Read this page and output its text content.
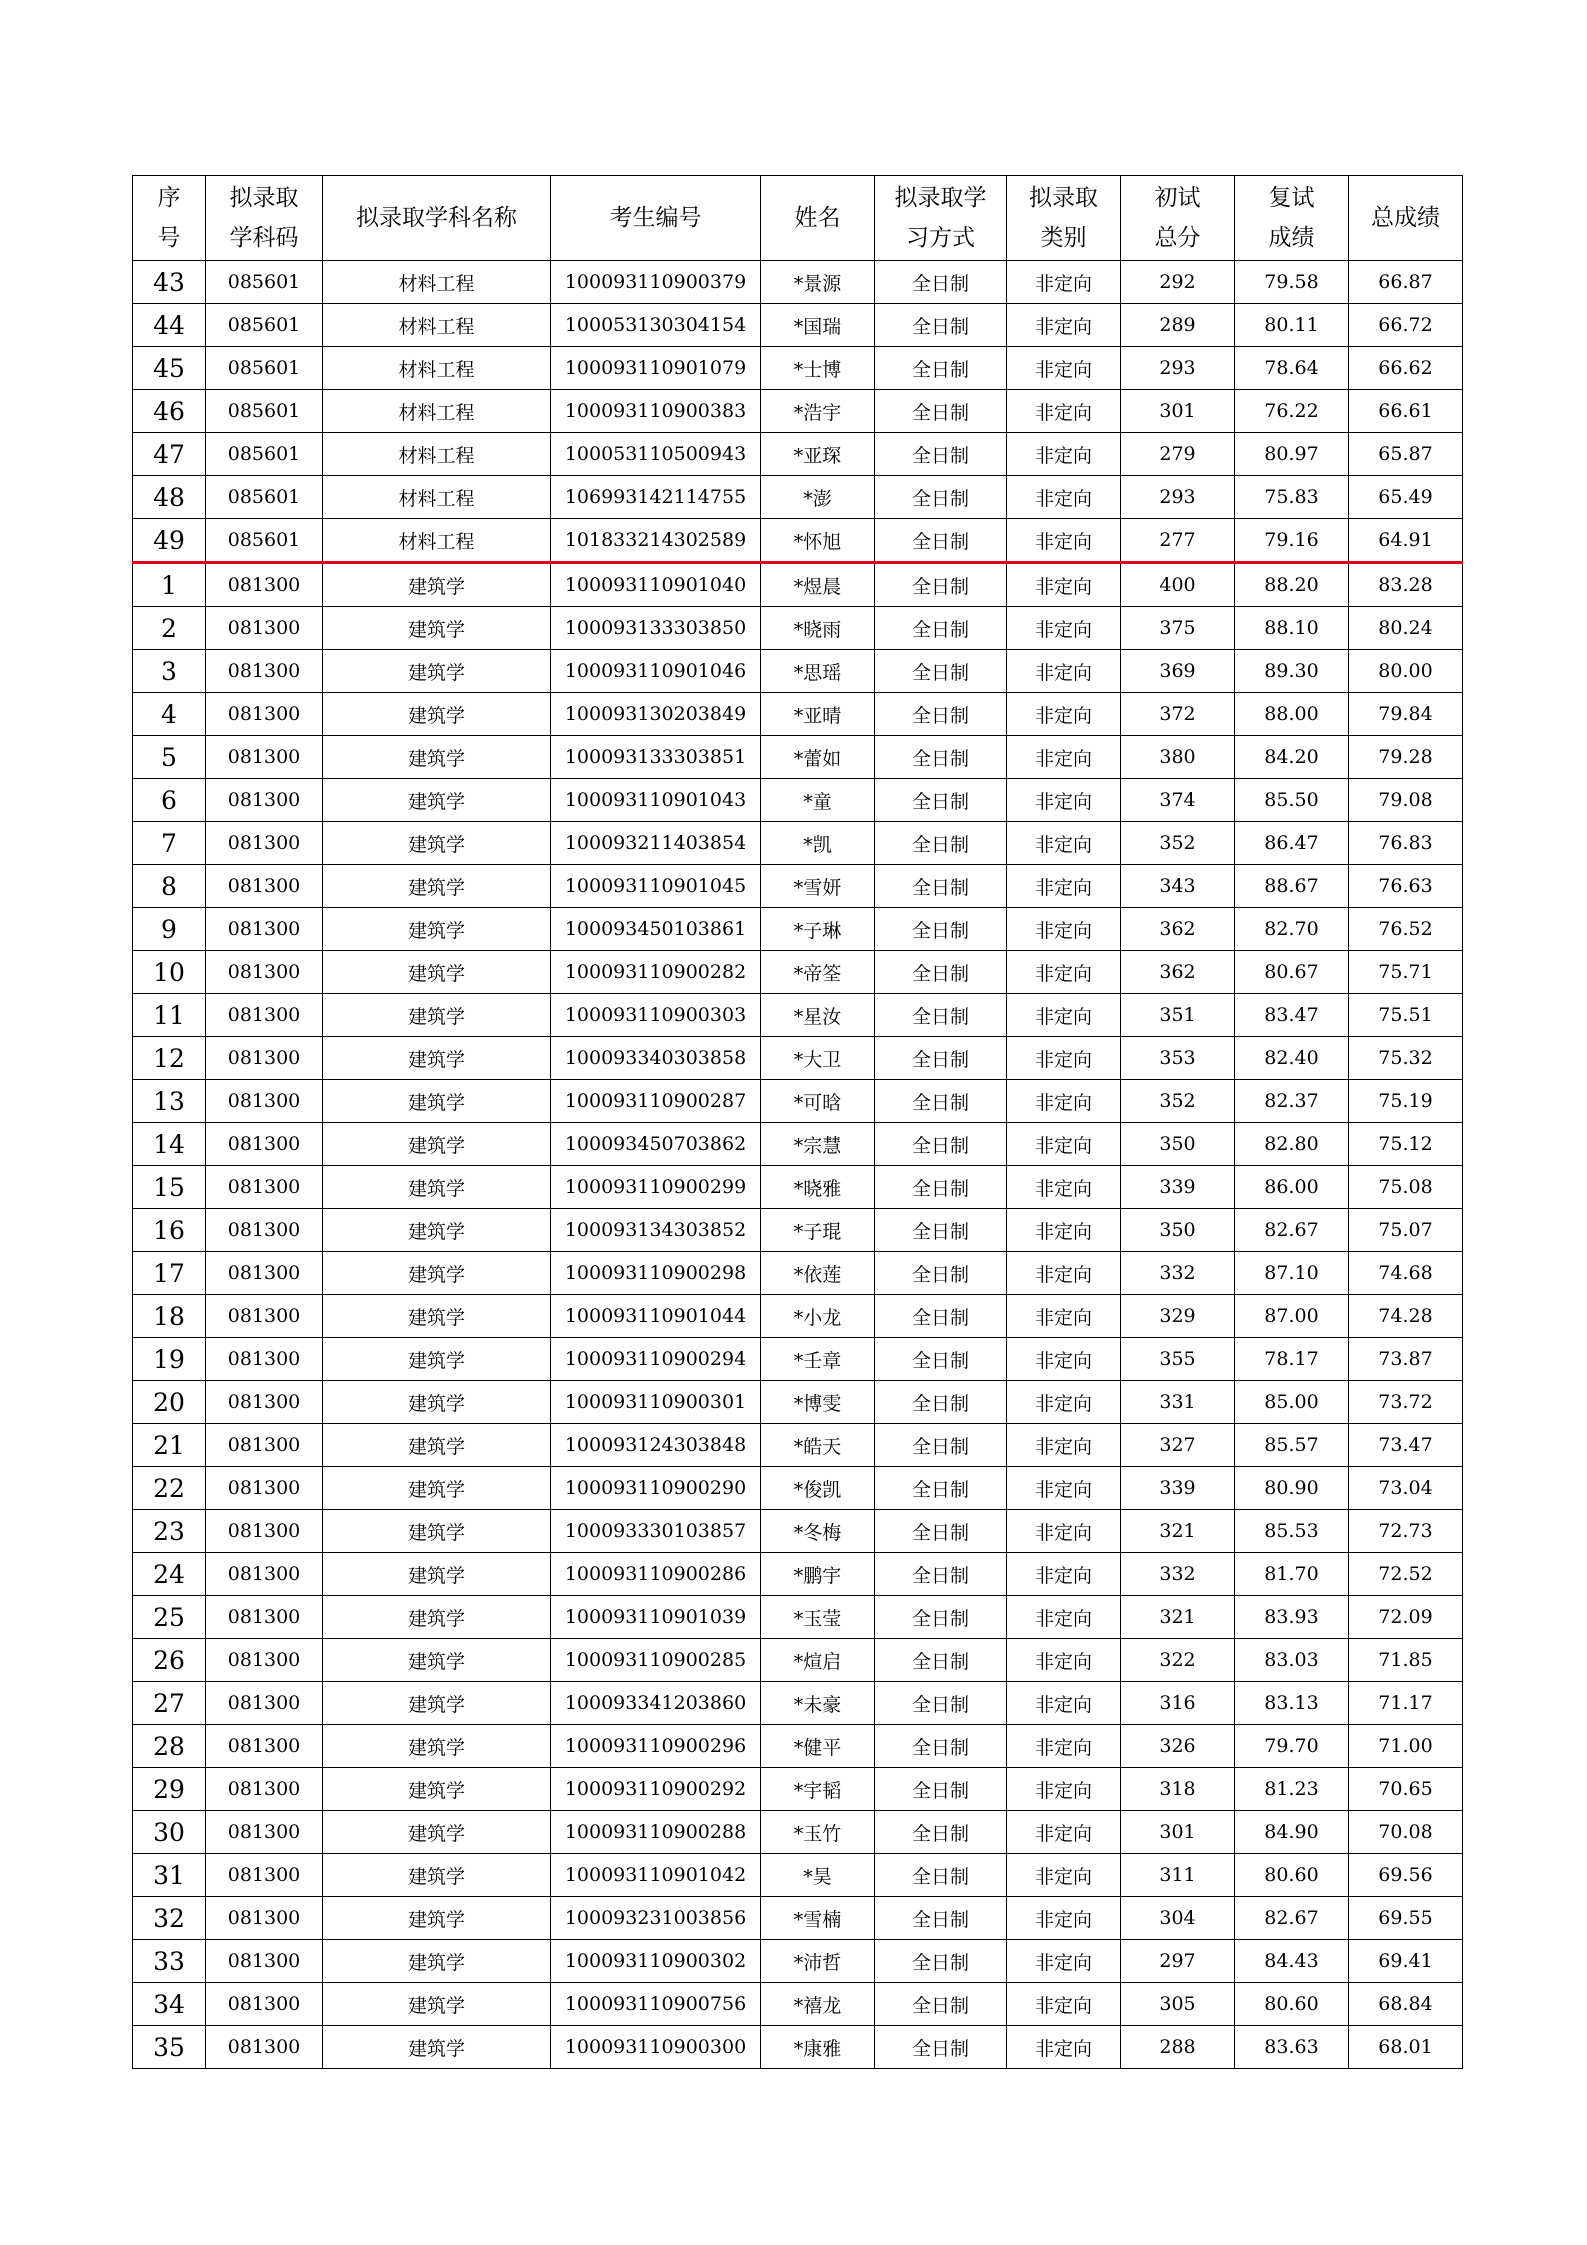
序号	拟录取学科码	拟录取学科名称	考生编号	姓名	拟录取学习方式	拟录取类别	初试总分	复试成绩	总成绩
43	085601	材料工程	100093110900379	*景源	全日制	非定向	292	79.58	66.87
44	085601	材料工程	100053130304154	*国瑞	全日制	非定向	289	80.11	66.72
45	085601	材料工程	100093110901079	*士博	全日制	非定向	293	78.64	66.62
46	085601	材料工程	100093110900383	*浩宇	全日制	非定向	301	76.22	66.61
47	085601	材料工程	100053110500943	*亚琛	全日制	非定向	279	80.97	65.87
48	085601	材料工程	106993142114755	*澎	全日制	非定向	293	75.83	65.49
49	085601	材料工程	101833214302589	*怀旭	全日制	非定向	277	79.16	64.91
1	081300	建筑学	100093110901040	*煜晨	全日制	非定向	400	88.20	83.28
2	081300	建筑学	100093133303850	*晓雨	全日制	非定向	375	88.10	80.24
3	081300	建筑学	100093110901046	*思瑶	全日制	非定向	369	89.30	80.00
4	081300	建筑学	100093130203849	*亚晴	全日制	非定向	372	88.00	79.84
5	081300	建筑学	100093133303851	*蕾如	全日制	非定向	380	84.20	79.28
6	081300	建筑学	100093110901043	*童	全日制	非定向	374	85.50	79.08
7	081300	建筑学	100093211403854	*凯	全日制	非定向	352	86.47	76.83
8	081300	建筑学	100093110901045	*雪妍	全日制	非定向	343	88.67	76.63
9	081300	建筑学	100093450103861	*子琳	全日制	非定向	362	82.70	76.52
10	081300	建筑学	100093110900282	*帝筌	全日制	非定向	362	80.67	75.71
11	081300	建筑学	100093110900303	*星汝	全日制	非定向	351	83.47	75.51
12	081300	建筑学	100093340303858	*大卫	全日制	非定向	353	82.40	75.32
13	081300	建筑学	100093110900287	*可晗	全日制	非定向	352	82.37	75.19
14	081300	建筑学	100093450703862	*宗慧	全日制	非定向	350	82.80	75.12
15	081300	建筑学	100093110900299	*晓雅	全日制	非定向	339	86.00	75.08
16	081300	建筑学	100093134303852	*子琨	全日制	非定向	350	82.67	75.07
17	081300	建筑学	100093110900298	*依莲	全日制	非定向	332	87.10	74.68
18	081300	建筑学	100093110901044	*小龙	全日制	非定向	329	87.00	74.28
19	081300	建筑学	100093110900294	*壬章	全日制	非定向	355	78.17	73.87
20	081300	建筑学	100093110900301	*博雯	全日制	非定向	331	85.00	73.72
21	081300	建筑学	100093124303848	*皓天	全日制	非定向	327	85.57	73.47
22	081300	建筑学	100093110900290	*俊凯	全日制	非定向	339	80.90	73.04
23	081300	建筑学	100093330103857	*冬梅	全日制	非定向	321	85.53	72.73
24	081300	建筑学	100093110900286	*鹏宇	全日制	非定向	332	81.70	72.52
25	081300	建筑学	100093110901039	*玉莹	全日制	非定向	321	83.93	72.09
26	081300	建筑学	100093110900285	*煊启	全日制	非定向	322	83.03	71.85
27	081300	建筑学	100093341203860	*未豪	全日制	非定向	316	83.13	71.17
28	081300	建筑学	100093110900296	*健平	全日制	非定向	326	79.70	71.00
29	081300	建筑学	100093110900292	*宇韬	全日制	非定向	318	81.23	70.65
30	081300	建筑学	100093110900288	*玉竹	全日制	非定向	301	84.90	70.08
31	081300	建筑学	100093110901042	*昊	全日制	非定向	311	80.60	69.56
32	081300	建筑学	100093231003856	*雪楠	全日制	非定向	304	82.67	69.55
33	081300	建筑学	100093110900302	*沛哲	全日制	非定向	297	84.43	69.41
34	081300	建筑学	100093110900756	*禧龙	全日制	非定向	305	80.60	68.84
35	081300	建筑学	100093110900300	*康雅	全日制	非定向	288	83.63	68.01
